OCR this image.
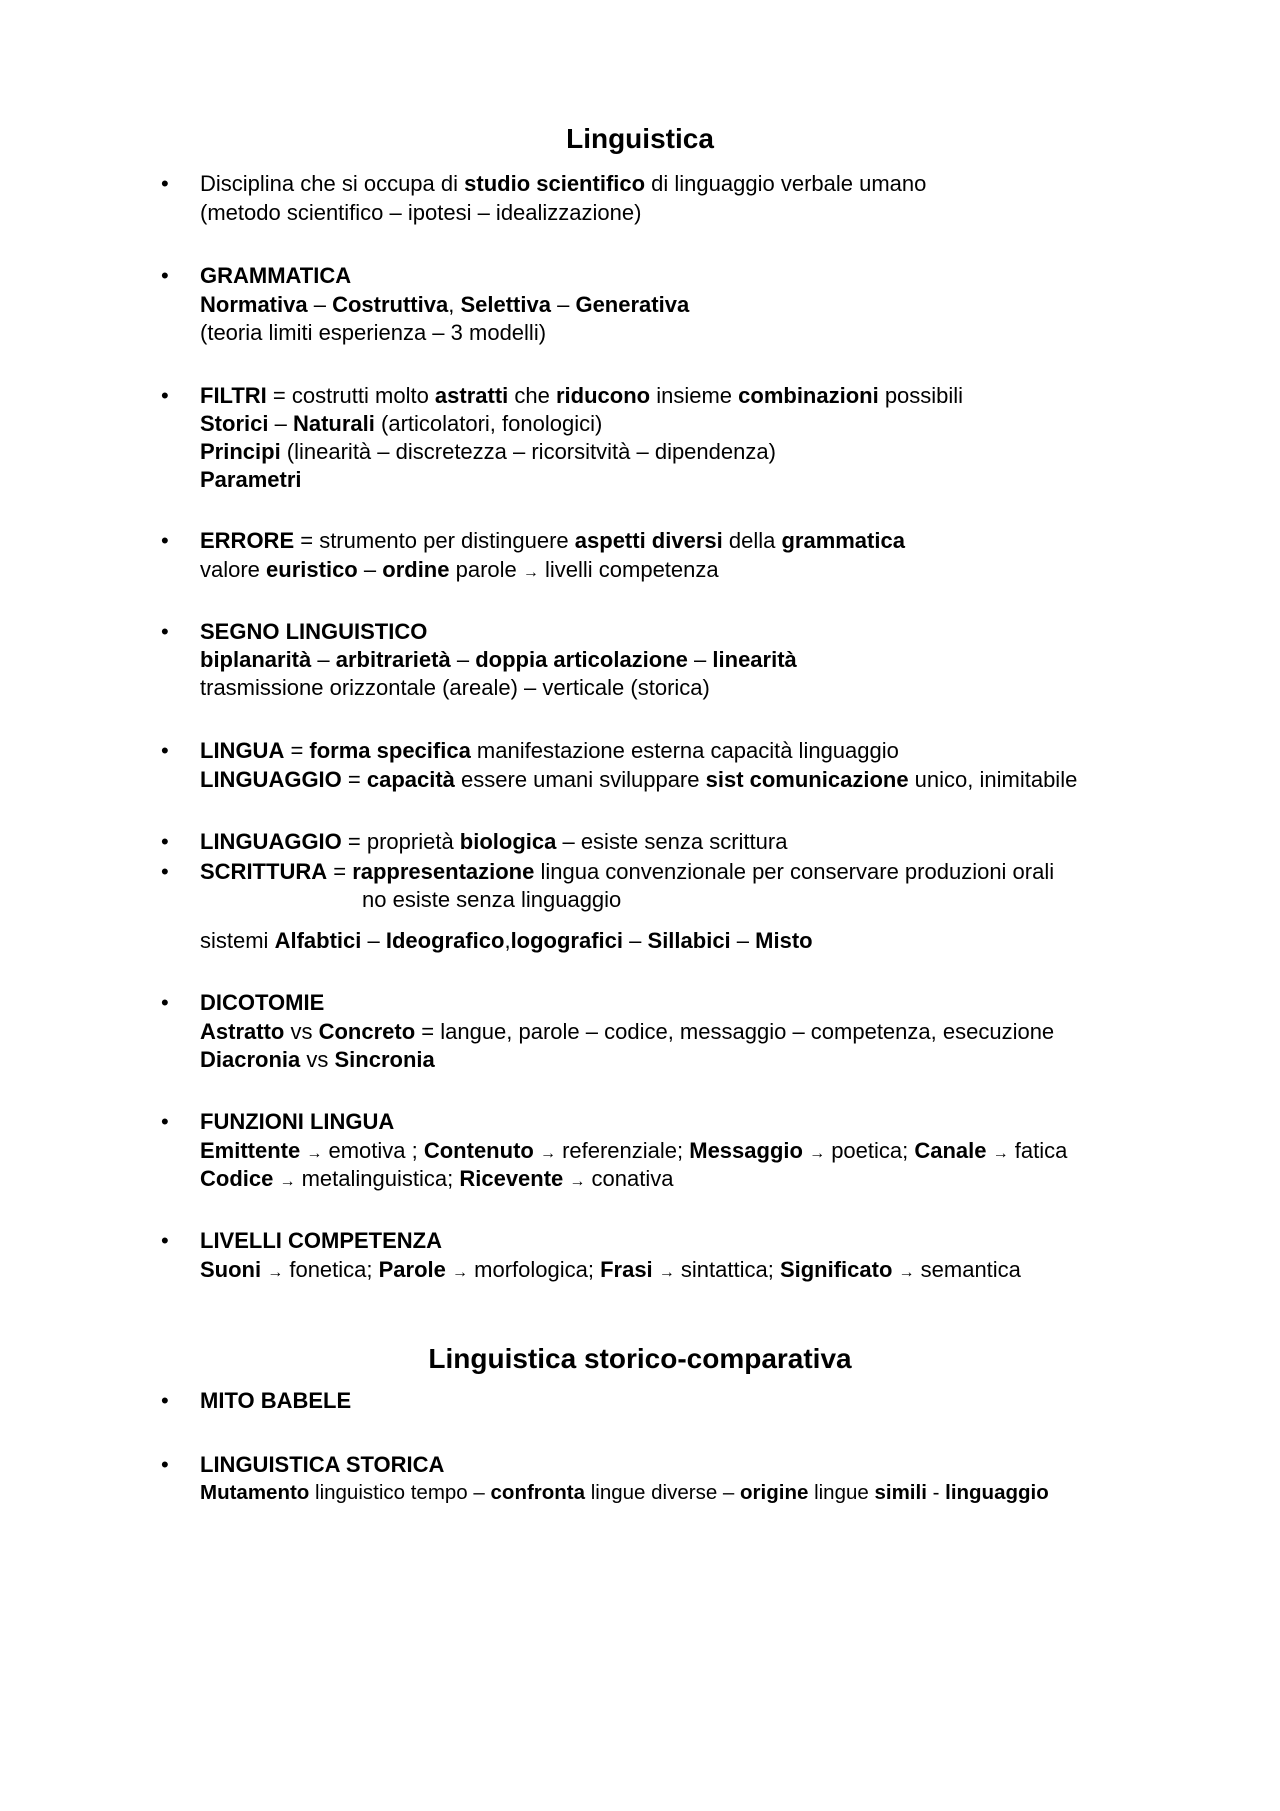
Linguistica
• Disciplina che si occupa di studio scientifico di linguaggio verbale umano
(metodo scientifico – ipotesi – idealizzazione)
• GRAMMATICA
Normativa – Costruttiva, Selettiva – Generativa
(teoria limiti esperienza – 3 modelli)
• FILTRI = costrutti molto astratti che riducono insieme combinazioni possibili
Storici – Naturali (articolatori, fonologici)
Principi (linearità – discretezza – ricorsitvità – dipendenza)
Parametri
• ERRORE = strumento per distinguere aspetti diversi della grammatica
valore euristico – ordine parole → livelli competenza
• SEGNO LINGUISTICO
biplanarità – arbitrarietà – doppia articolazione – linearità
trasmissione orizzontale (areale) – verticale (storica)
• LINGUA = forma specifica manifestazione esterna capacità linguaggio
LINGUAGGIO = capacità essere umani sviluppare sist comunicazione unico, inimitabile
• LINGUAGGIO = proprietà biologica – esiste senza scrittura
• SCRITTURA = rappresentazione lingua convenzionale per conservare produzioni orali
no esiste senza linguaggio
sistemi Alfabtici – Ideografico,logografici – Sillabici – Misto
• DICOTOMIE
Astratto vs Concreto = langue, parole – codice, messaggio – competenza, esecuzione
Diacronia vs Sincronia
• FUNZIONI LINGUA
Emittente → emotiva ; Contenuto → referenziale; Messaggio → poetica; Canale → fatica
Codice → metalinguistica; Ricevente → conativa
• LIVELLI COMPETENZA
Suoni → fonetica; Parole → morfologica; Frasi → sintattica; Significato → semantica
Linguistica storico-comparativa
• MITO BABELE
• LINGUISTICA STORICA
Mutamento linguistico tempo – confronta lingue diverse – origine lingue simili - linguaggio
